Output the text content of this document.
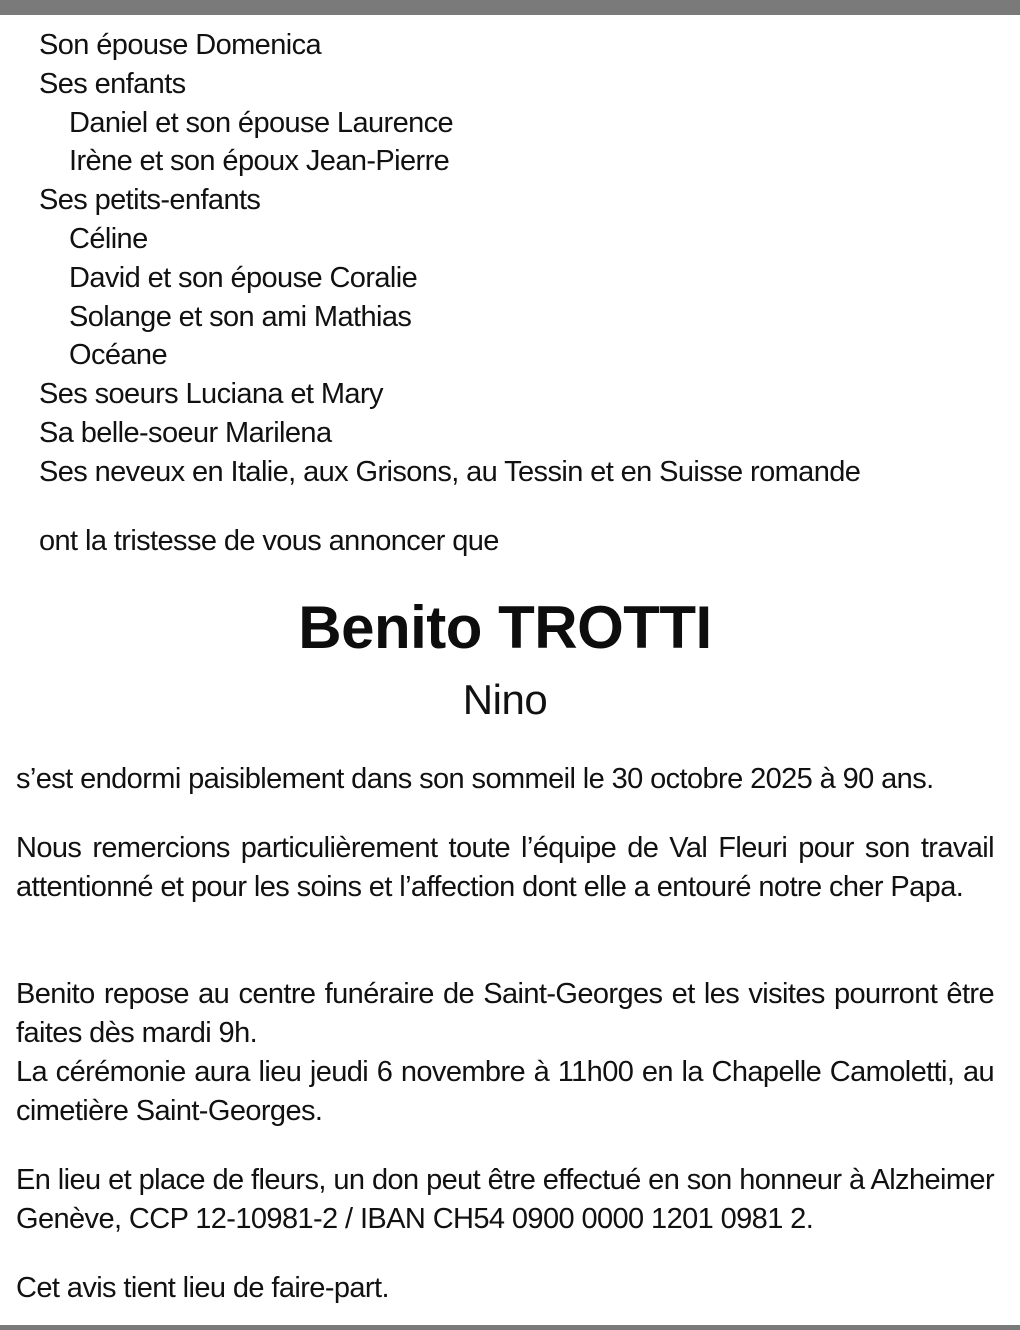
Son épouse Domenica
Ses enfants
Daniel et son épouse Laurence
Irène et son époux Jean-Pierre
Ses petits-enfants
Céline
David et son épouse Coralie
Solange et son ami Mathias
Océane
Ses soeurs Luciana et Mary
Sa belle-soeur Marilena
Ses neveux en Italie, aux Grisons, au Tessin et en Suisse romande
ont la tristesse de vous annoncer que
Benito TROTTI
Nino
s’est endormi paisiblement dans son sommeil le 30 octobre 2025 à 90 ans.
Nous remercions particulièrement toute l’équipe de Val Fleuri pour son travail attentionné et pour les soins et l’affection dont elle a entouré notre cher Papa.
Benito repose au centre funéraire de Saint-Georges et les visites pourront être faites dès mardi 9h.
La cérémonie aura lieu jeudi 6 novembre à 11h00 en la Chapelle Camoletti, au cimetière Saint-Georges.
En lieu et place de fleurs, un don peut être effectué en son honneur à Alzheimer Genève, CCP 12-10981-2 / IBAN CH54 0900 0000 1201 0981 2.
Cet avis tient lieu de faire-part.
